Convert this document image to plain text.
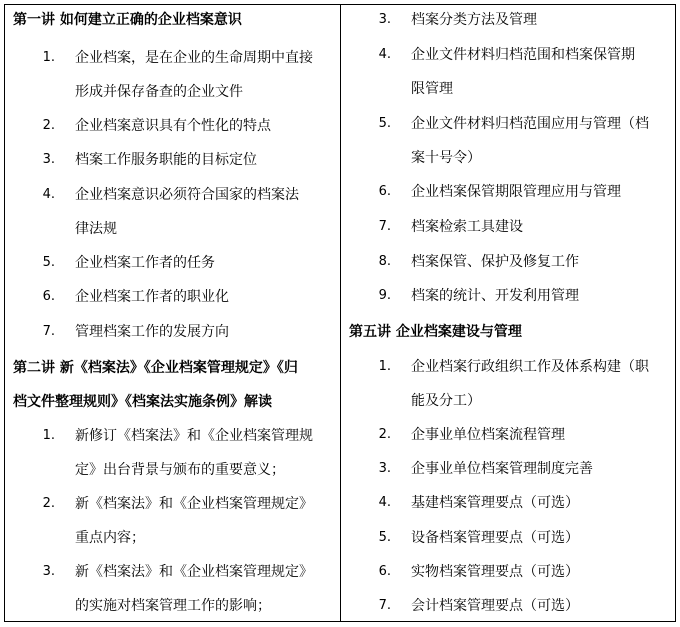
第一讲 如何建立正确的企业档案意识
1. 企业档案，是在企业的生命周期中直接
形成并保存备查的企业文件
2. 企业档案意识具有个性化的特点
3. 档案工作服务职能的目标定位
4. 企业档案意识必须符合国家的档案法
律法规
5. 企业档案工作者的任务
6. 企业档案工作者的职业化
7. 管理档案工作的发展方向
第二讲 新《档案法》《企业档案管理规定》《归
档文件整理规则》《档案法实施条例》解读
1. 新修订《档案法》和《企业档案管理规
定》出台背景与颁布的重要意义；
2. 新《档案法》和《企业档案管理规定》
重点内容；
3. 新《档案法》和《企业档案管理规定》
的实施对档案管理工作的影响；
3. 档案分类方法及管理
4. 企业文件材料归档范围和档案保管期
限管理
5. 企业文件材料归档范围应用与管理（档
案十号令）
6. 企业档案保管期限管理应用与管理
7. 档案检索工具建设
8. 档案保管、保护及修复工作
9. 档案的统计、开发利用管理
第五讲 企业档案建设与管理
1. 企业档案行政组织工作及体系构建（职
能及分工）
2. 企事业单位档案流程管理
3. 企事业单位档案管理制度完善
4. 基建档案管理要点（可选）
5. 设备档案管理要点（可选）
6. 实物档案管理要点（可选）
7. 会计档案管理要点（可选）
